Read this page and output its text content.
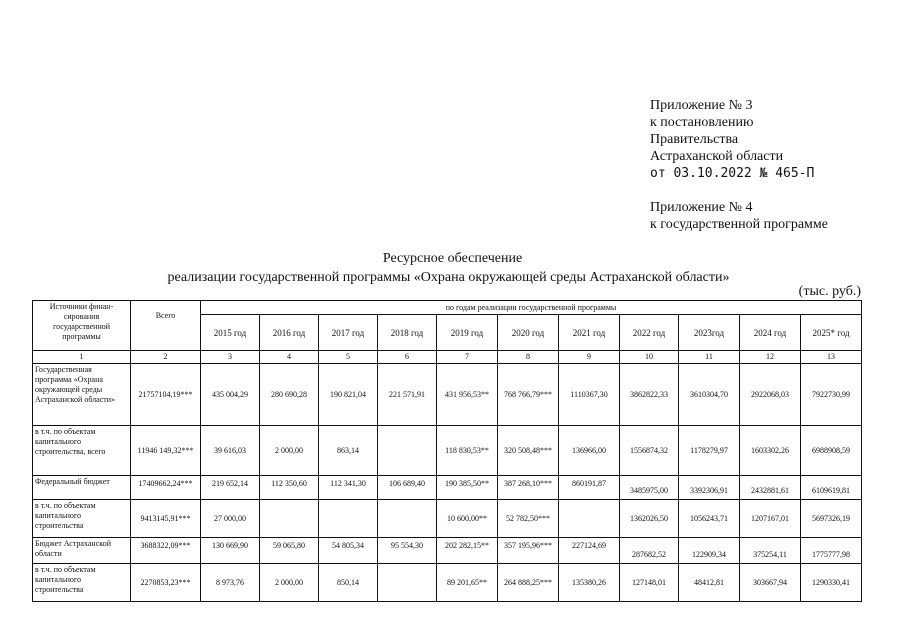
Приложение № 3
к постановлению
Правительства
Астраханской области
от 03.10.2022 № 465-П
Приложение № 4
к государственной программе
Ресурсное обеспечение
реализации государственной программы «Охрана окружающей среды Астраханской области»
(тыс. руб.)
Источники финан-сирования государственной программы	Всего	по годам реализации государственной программы										
		2015 год	2016 год	2017 год	2018 год	2019 год	2020 год	2021 год	2022 год	2023год	2024 год	2025* год
1	2	3	4	5	6	7	8	9	10	11	12	13
Государственная программа «Охрана окружающей среды Астраханской области»	21757104,19***	435 004,29	280 690,28	190 821,04	221 571,91	431 956,53**	768 766,79***	1110367,30	3862822,33	3610304,70	2922068,03	7922730,99
в т.ч. по объектам капитального строительства, всего	11946 149,32***	39 616,03	2 000,00	863,14		118 830,53**	320 508,48***	136966,00	1556874,32	1178279,97	1603302,26	6988908,59
Федеральный бюджет	17409662,24***	219 652,14	112 350,60	112 341,30	106 689,40	190 385,50**	387 268,10***	860191,87	3485975,00	3392306,91	2432881,61	6109619,81
в т.ч. по объектам капитального строительства	9413145,91***	27 000,00				10 600,00**	52 782,50***		1362026,50	1056243,71	1207167,01	5697326,19
Бюджет Астраханской области	3688322,09***	130 669,90	59 065,80	54 805,34	95 554,30	202 282,15**	357 195,96***	227124,69	287682,52	122909,34	375254,11	1775777,98
в т.ч. по объектам капитального строительства	2270853,23***	8 973,76	2 000,00	850,14		89 201,65**	264 888,25***	135380,26	127148,01	48412,81	303667,94	1290330,41
